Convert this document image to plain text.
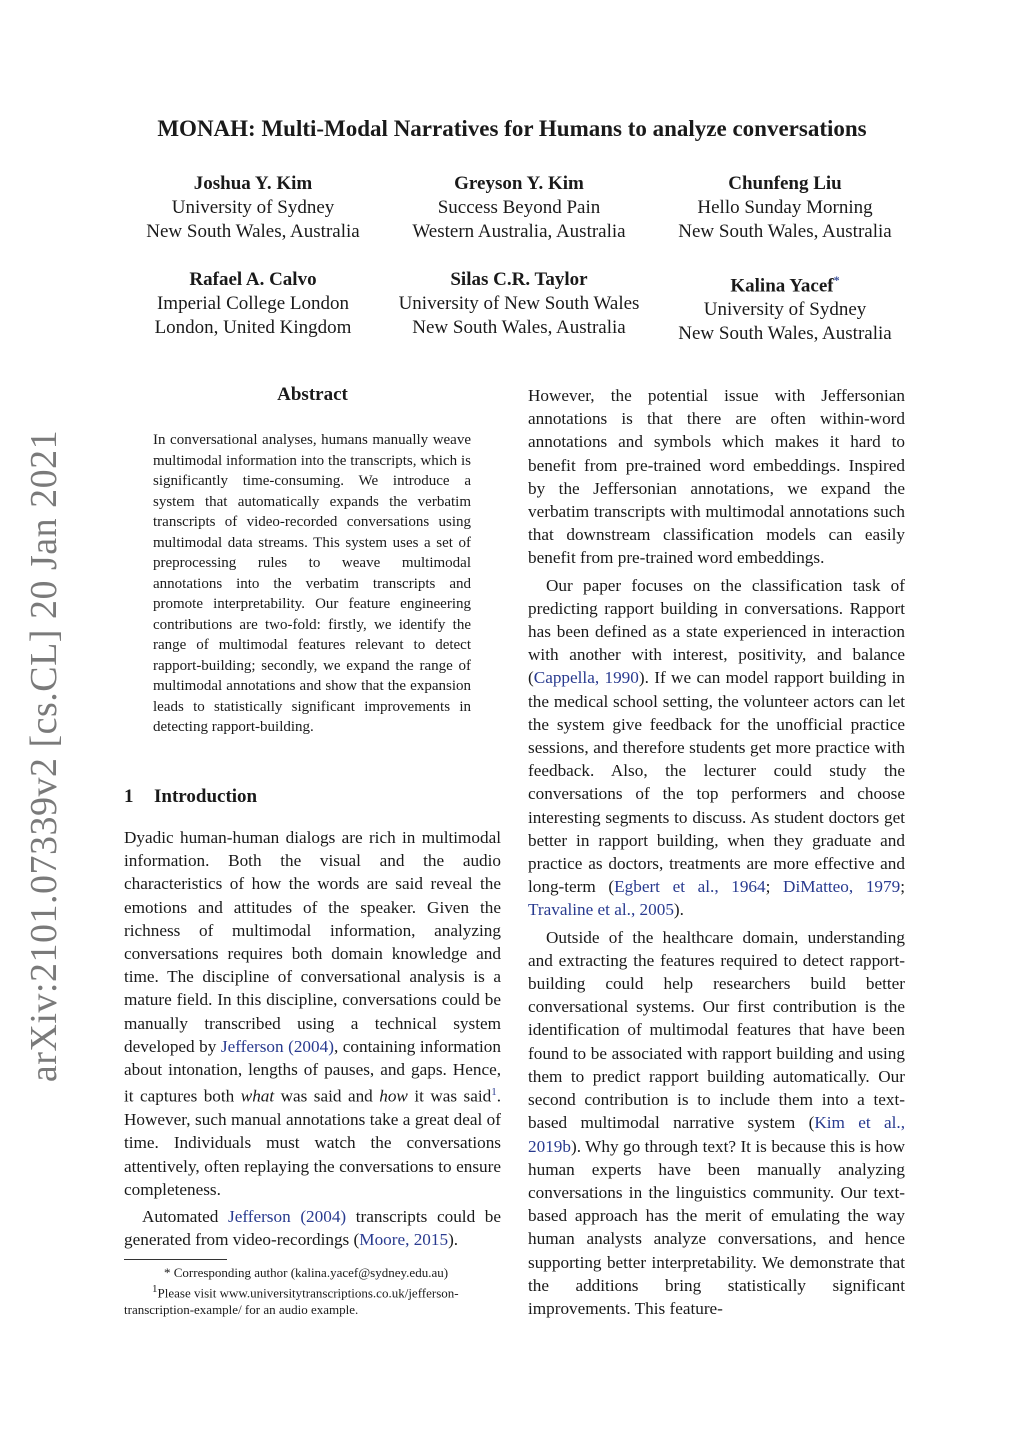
arXiv:2101.07339v2 [cs.CL] 20 Jan 2021
MONAH: Multi-Modal Narratives for Humans to analyze conversations
Joshua Y. Kim
University of Sydney
New South Wales, Australia
Greyson Y. Kim
Success Beyond Pain
Western Australia, Australia
Chunfeng Liu
Hello Sunday Morning
New South Wales, Australia
Rafael A. Calvo
Imperial College London
London, United Kingdom
Silas C.R. Taylor
University of New South Wales
New South Wales, Australia
Kalina Yacef*
University of Sydney
New South Wales, Australia
Abstract
In conversational analyses, humans manually weave multimodal information into the transcripts, which is significantly time-consuming. We introduce a system that automatically expands the verbatim transcripts of video-recorded conversations using multimodal data streams. This system uses a set of preprocessing rules to weave multimodal annotations into the verbatim transcripts and promote interpretability. Our feature engineering contributions are two-fold: firstly, we identify the range of multimodal features relevant to detect rapport-building; secondly, we expand the range of multimodal annotations and show that the expansion leads to statistically significant improvements in detecting rapport-building.
1 Introduction

Dyadic human-human dialogs are rich in multimodal information. Both the visual and the audio characteristics of how the words are said reveal the emotions and attitudes of the speaker. Given the richness of multimodal information, analyzing conversations requires both domain knowledge and time. The discipline of conversational analysis is a mature field. In this discipline, conversations could be manually transcribed using a technical system developed by Jefferson (2004), containing information about intonation, lengths of pauses, and gaps. Hence, it captures both what was said and how it was said$^1$. However, such manual annotations take a great deal of time. Individuals must watch the conversations attentively, often replaying the conversations to ensure completeness.

Automated Jefferson (2004) transcripts could be generated from video-recordings (Moore, 2015).

* Corresponding author (kalina.yacef@sydney.edu.au)
$^1$Please visit www.universitytranscriptions.co.uk/jefferson-transcription-example/ for an audio example.

However, the potential issue with Jeffersonian annotations is that there are often within-word annotations and symbols which makes it hard to benefit from pre-trained word embeddings. Inspired by the Jeffersonian annotations, we expand the verbatim transcripts with multimodal annotations such that downstream classification models can easily benefit from pre-trained word embeddings.

Our paper focuses on the classification task of predicting rapport building in conversations. Rapport has been defined as a state experienced in interaction with another with interest, positivity, and balance (Cappella, 1990). If we can model rapport building in the medical school setting, the volunteer actors can let the system give feedback for the unofficial practice sessions, and therefore students get more practice with feedback. Also, the lecturer could study the conversations of the top performers and choose interesting segments to discuss. As student doctors get better in rapport building, when they graduate and practice as doctors, treatments are more effective and long-term (Egbert et al., 1964; DiMatteo, 1979; Travaline et al., 2005).

Outside of the healthcare domain, understanding and extracting the features required to detect rapport-building could help researchers build better conversational systems. Our first contribution is the identification of multimodal features that have been found to be associated with rapport building and using them to predict rapport building automatically. Our second contribution is to include them into a text-based multimodal narrative system (Kim et al., 2019b). Why go through text? It is because this is how human experts have been manually analyzing conversations in the linguistics community. Our text-based approach has the merit of emulating the way human analysts analyze conversations, and hence supporting better interpretability. We demonstrate that the additions bring statistically significant improvements. This feature-
